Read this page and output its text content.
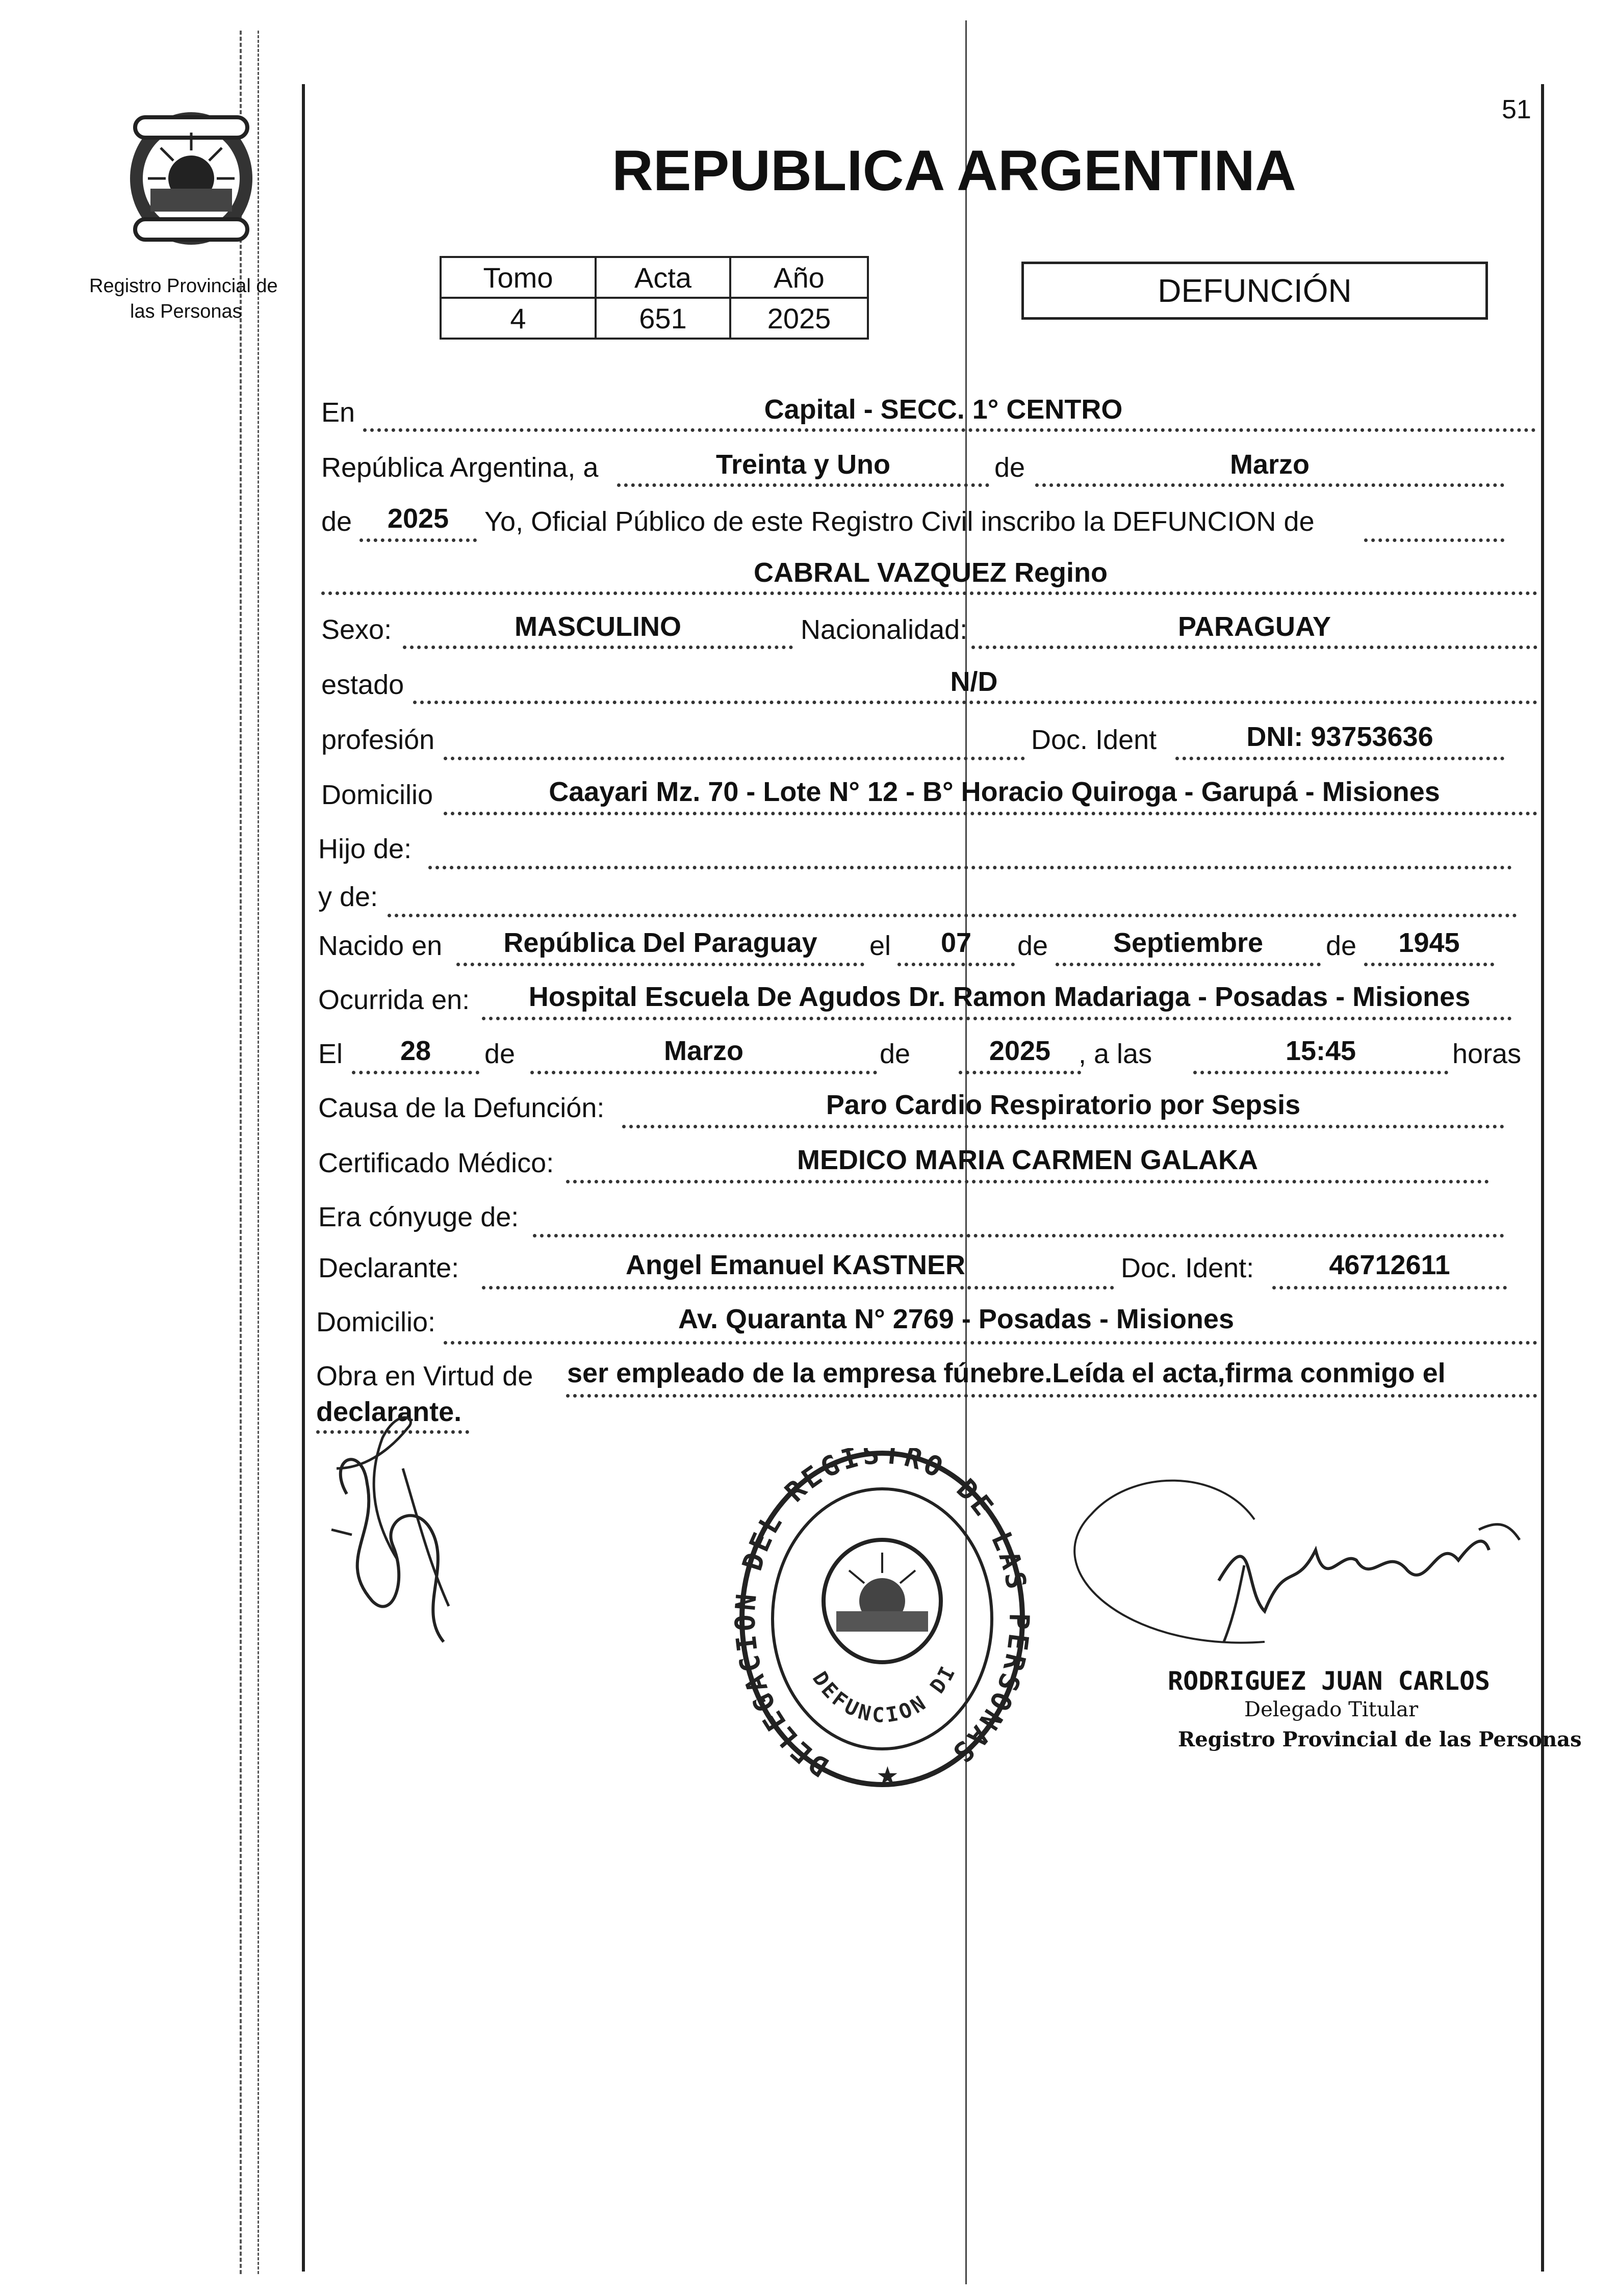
51
Registro Provincial de
las Personas
REPUBLICA ARGENTINA
Tomo	Acta	Año
4	651	2025
DEFUNCIÓN
En	Capital - SECC. 1° CENTRO
República Argentina, a	Treinta y Uno	de	Marzo
de	2025	Yo, Oficial Público de este Registro Civil inscribo la DEFUNCION de
CABRAL VAZQUEZ Regino
Sexo:	MASCULINO	Nacionalidad:	PARAGUAY
estado	N/D
profesión	Doc. Ident	DNI: 93753636
Domicilio	Caayari Mz. 70 - Lote N° 12 - B° Horacio Quiroga - Garupá - Misiones
Hijo de:
y de:
Nacido en	República Del Paraguay	el	07	de	Septiembre	de	1945
Ocurrida en:	Hospital Escuela De Agudos Dr. Ramon Madariaga - Posadas - Misiones
El	28	de	Marzo	de	2025	, a las	15:45	horas
Causa de la Defunción:	Paro Cardio Respiratorio por Sepsis
Certificado Médico:	MEDICO MARIA CARMEN GALAKA
Era cónyuge de:
Declarante:	Angel Emanuel KASTNER	Doc. Ident:	46712611
Domicilio:	Av. Quaranta N° 2769 - Posadas - Misiones
Obra en Virtud de ser empleado de la empresa fúnebre.Leída el acta,firma conmigo el
declarante.
DELEGAC DEL REGISTRO DE LAS RSONAS
DEFUNCION DI
★
RODRIGUEZ JUAN CARLOS
Delegado Titular
Registro Provincial de las Personas
